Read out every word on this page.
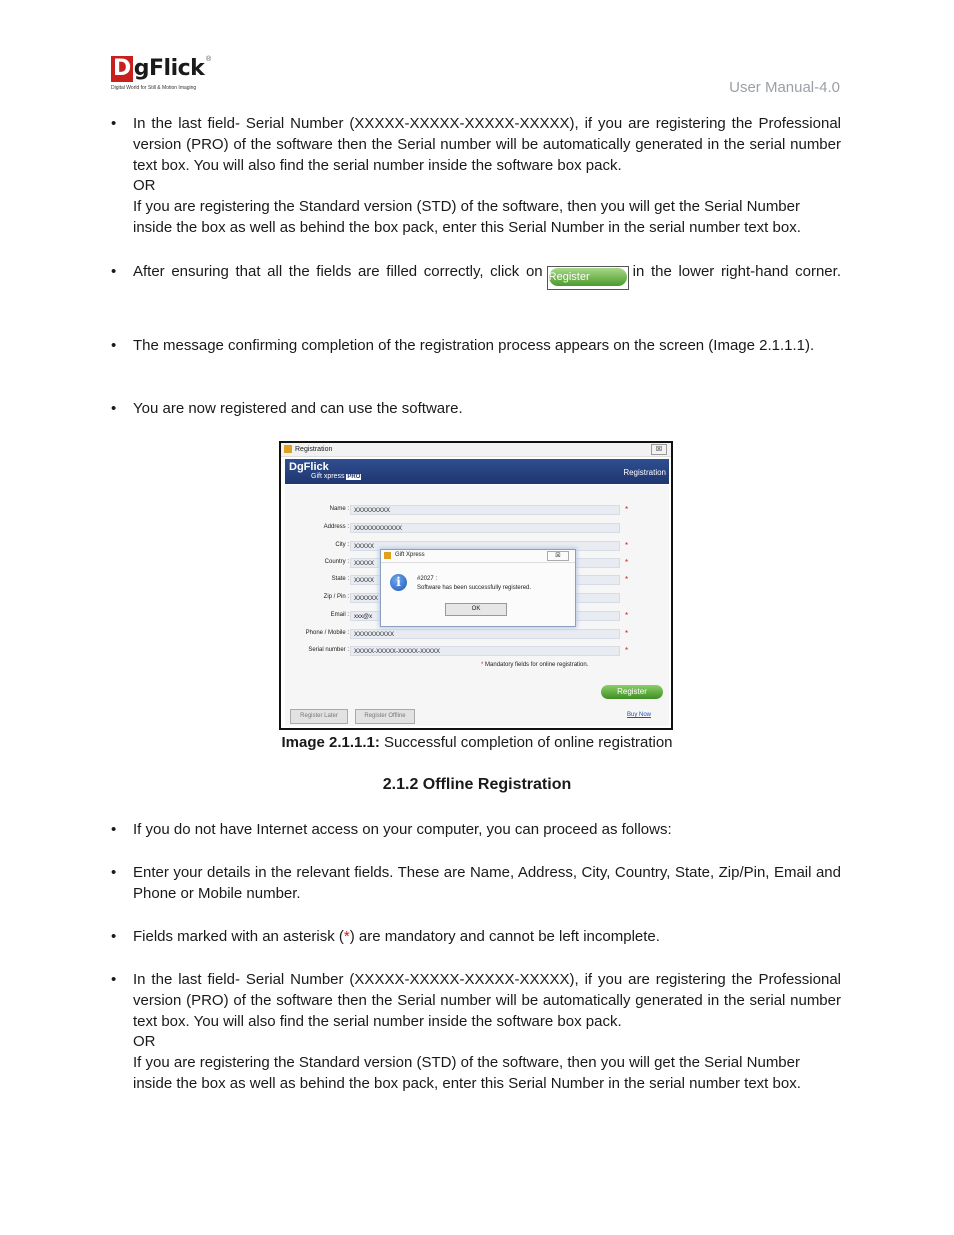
D gFlick ®
Digital World for Still & Motion Imaging	User Manual-4.0
• In the last field- Serial Number (XXXXX-XXXXX-XXXXX-XXXXX), if you are registering the Professional version (PRO) of the software then the Serial number will be automatically generated in the serial number text box. You will also find the serial number inside the software box pack.

OR

If you are registering the Standard version (STD) of the software, then you will get the Serial Number inside the box as well as behind the box pack, enter this Serial Number in the serial number text box.

• After ensuring that all the fields are filled correctly, click on Register	in the lower right-hand corner.

• The message confirming completion of the registration process appears on the screen (Image 2.1.1.1).

• You are now registered and can use the software.

Registration	☒
DgFlick
Gift xpress PRO	Registration
Name : XXXXXXXXX	*
Address : XXXXXXXXXXXX
City : XXXXX	*
Country : XXXXX	*
State : XXXXX	*
Zip / Pin : XXXXXX
Email : xxx@x	*
Phone / Mobile : XXXXXXXXXX	*
Serial number : XXXXX-XXXXX-XXXXX-XXXXX	*
* Mandatory fields for online registration.
Register
Register Later	Register Offline	Buy Now
Gift Xpress	☒
i	#2027 :
Software has been successfully registered.
OK
Image 2.1.1.1: Successful completion of online registration
2.1.2 Offline Registration
• If you do not have Internet access on your computer, you can proceed as follows:

• Enter your details in the relevant fields. These are Name, Address, City, Country, State, Zip/Pin, Email and Phone or Mobile number.

• Fields marked with an asterisk (*) are mandatory and cannot be left incomplete.

• In the last field- Serial Number (XXXXX-XXXXX-XXXXX-XXXXX), if you are registering the Professional version (PRO) of the software then the Serial number will be automatically generated in the serial number text box. You will also find the serial number inside the software box pack.

OR

If you are registering the Standard version (STD) of the software, then you will get the Serial Number inside the box as well as behind the box pack, enter this Serial Number in the serial number text box.
